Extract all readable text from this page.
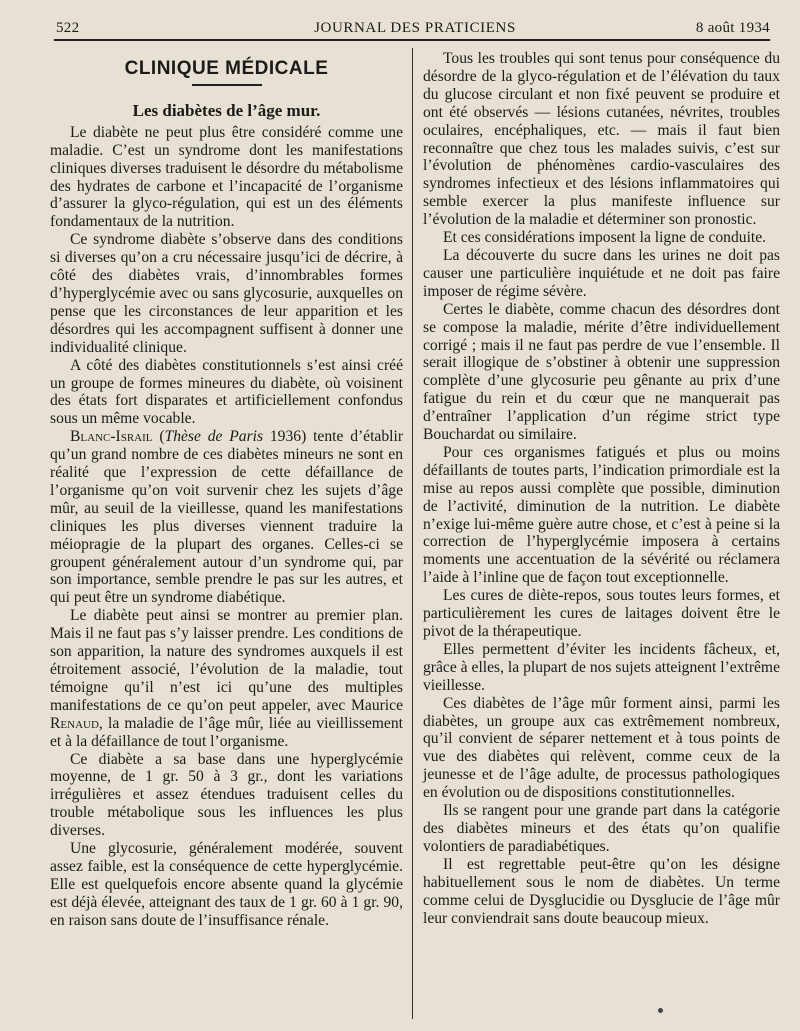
522	JOURNAL DES PRATICIENS	8 août 1934
CLINIQUE MÉDICALE
Les diabètes de l’âge mur.

Le diabète ne peut plus être considéré comme une maladie. C’est un syndrome dont les manifestations cliniques diverses traduisent le désordre du métabolisme des hydrates de carbone et l’incapacité de l’organisme d’assurer la glyco-régulation, qui est un des éléments fondamentaux de la nutrition.

Ce syndrome diabète s’observe dans des conditions si diverses qu’on a cru nécessaire jusqu’ici de décrire, à côté des diabètes vrais, d’innombrables formes d’hyperglycémie avec ou sans glycosurie, auxquelles on pense que les circonstances de leur apparition et les désordres qui les accompagnent suffisent à donner une individualité clinique.

A côté des diabètes constitutionnels s’est ainsi créé un groupe de formes mineures du diabète, où voisinent des états fort disparates et artificiellement confondus sous un même vocable.

Blanc-Israil (Thèse de Paris 1936) tente d’établir qu’un grand nombre de ces diabètes mineurs ne sont en réalité que l’expression de cette défaillance de l’organisme qu’on voit survenir chez les sujets d’âge mûr, au seuil de la vieillesse, quand les manifestations cliniques les plus diverses viennent traduire la méiopragie de la plupart des organes. Celles-ci se groupent généralement autour d’un syndrome qui, par son importance, semble prendre le pas sur les autres, et qui peut être un syndrome diabétique.

Le diabète peut ainsi se montrer au premier plan. Mais il ne faut pas s’y laisser prendre. Les conditions de son apparition, la nature des syndromes auxquels il est étroitement associé, l’évolution de la maladie, tout témoigne qu’il n’est ici qu’une des multiples manifestations de ce qu’on peut appeler, avec Maurice Renaud, la maladie de l’âge mûr, liée au vieillissement et à la défaillance de tout l’organisme.

Ce diabète a sa base dans une hyperglycémie moyenne, de 1 gr. 50 à 3 gr., dont les variations irrégulières et assez étendues traduisent celles du trouble métabolique sous les influences les plus diverses.

Une glycosurie, généralement modérée, souvent assez faible, est la conséquence de cette hyperglycémie. Elle est quelquefois encore absente quand la glycémie est déjà élevée, atteignant des taux de 1 gr. 60 à 1 gr. 90, en raison sans doute de l’insuffisance rénale.

Tous les troubles qui sont tenus pour conséquence du désordre de la glyco-régulation et de l’élévation du taux du glucose circulant et non fixé peuvent se produire et ont été observés — lésions cutanées, névrites, troubles oculaires, encéphaliques, etc. — mais il faut bien reconnaître que chez tous les malades suivis, c’est sur l’évolution de phénomènes cardio-vasculaires des syndromes infectieux et des lésions inflammatoires qui semble exercer la plus manifeste influence sur l’évolution de la maladie et déterminer son pronostic.

Et ces considérations imposent la ligne de conduite.

La découverte du sucre dans les urines ne doit pas causer une particulière inquiétude et ne doit pas faire imposer de régime sévère.

Certes le diabète, comme chacun des désordres dont se compose la maladie, mérite d’être individuellement corrigé ; mais il ne faut pas perdre de vue l’ensemble. Il serait illogique de s’obstiner à obtenir une suppression complète d’une glycosurie peu gênante au prix d’une fatigue du rein et du cœur que ne manquerait pas d’entraîner l’application d’un régime strict type Bouchardat ou similaire.

Pour ces organismes fatigués et plus ou moins défaillants de toutes parts, l’indication primordiale est la mise au repos aussi complète que possible, diminution de l’activité, diminution de la nutrition. Le diabète n’exige lui-même guère autre chose, et c’est à peine si la correction de l’hyperglycémie imposera à certains moments une accentuation de la sévérité ou réclamera l’aide à l’inline que de façon tout exceptionnelle.

Les cures de diète-repos, sous toutes leurs formes, et particulièrement les cures de laitages doivent être le pivot de la thérapeutique.

Elles permettent d’éviter les incidents fâcheux, et, grâce à elles, la plupart de nos sujets atteignent l’extrême vieillesse.

Ces diabètes de l’âge mûr forment ainsi, parmi les diabètes, un groupe aux cas extrêmement nombreux, qu’il convient de séparer nettement et à tous points de vue des diabètes qui relèvent, comme ceux de la jeunesse et de l’âge adulte, de processus pathologiques en évolution ou de dispositions constitutionnelles.

Ils se rangent pour une grande part dans la catégorie des diabètes mineurs et des états qu’on qualifie volontiers de paradiabétiques.

Il est regrettable peut-être qu’on les désigne habituellement sous le nom de diabètes. Un terme comme celui de Dysglucidie ou Dysglucie de l’âge mûr leur conviendrait sans doute beaucoup mieux.
